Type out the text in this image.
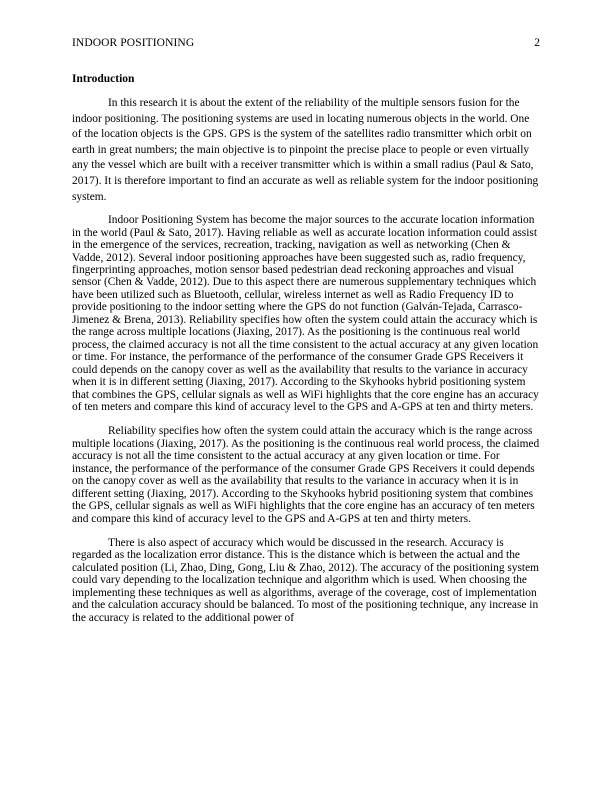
INDOOR POSITIONING	2
Introduction

In this research it is about the extent of the reliability of the multiple sensors fusion for the indoor positioning. The positioning systems are used in locating numerous objects in the world. One of the location objects is the GPS. GPS is the system of the satellites radio transmitter which orbit on earth in great numbers; the main objective is to pinpoint the precise place to people or even virtually any the vessel which are built with a receiver transmitter which is within a small radius (Paul & Sato, 2017). It is therefore important to find an accurate as well as reliable system for the indoor positioning system.

Indoor Positioning System has become the major sources to the accurate location information in the world (Paul & Sato, 2017). Having reliable as well as accurate location information could assist in the emergence of the services, recreation, tracking, navigation as well as networking (Chen & Vadde, 2012). Several indoor positioning approaches have been suggested such as, radio frequency, fingerprinting approaches, motion sensor based pedestrian dead reckoning approaches and visual sensor (Chen & Vadde, 2012). Due to this aspect there are numerous supplementary techniques which have been utilized such as Bluetooth, cellular, wireless internet as well as Radio Frequency ID to provide positioning to the indoor setting where the GPS do not function (Galván-Tejada, Carrasco-Jimenez & Brena, 2013). Reliability specifies how often the system could attain the accuracy which is the range across multiple locations (Jiaxing, 2017). As the positioning is the continuous real world process, the claimed accuracy is not all the time consistent to the actual accuracy at any given location or time. For instance, the performance of the performance of the consumer Grade GPS Receivers it could depends on the canopy cover as well as the availability that results to the variance in accuracy when it is in different setting (Jiaxing, 2017). According to the Skyhooks hybrid positioning system that combines the GPS, cellular signals as well as WiFi highlights that the core engine has an accuracy of ten meters and compare this kind of accuracy level to the GPS and A-GPS at ten and thirty meters.

Reliability specifies how often the system could attain the accuracy which is the range across multiple locations (Jiaxing, 2017). As the positioning is the continuous real world process, the claimed accuracy is not all the time consistent to the actual accuracy at any given location or time. For instance, the performance of the performance of the consumer Grade GPS Receivers it could depends on the canopy cover as well as the availability that results to the variance in accuracy when it is in different setting (Jiaxing, 2017). According to the Skyhooks hybrid positioning system that combines the GPS, cellular signals as well as WiFi highlights that the core engine has an accuracy of ten meters and compare this kind of accuracy level to the GPS and A-GPS at ten and thirty meters.

There is also aspect of accuracy which would be discussed in the research. Accuracy is regarded as the localization error distance. This is the distance which is between the actual and the calculated position (Li, Zhao, Ding, Gong, Liu & Zhao, 2012). The accuracy of the positioning system could vary depending to the localization technique and algorithm which is used. When choosing the implementing these techniques as well as algorithms, average of the coverage, cost of implementation and the calculation accuracy should be balanced. To most of the positioning technique, any increase in the accuracy is related to the additional power of
